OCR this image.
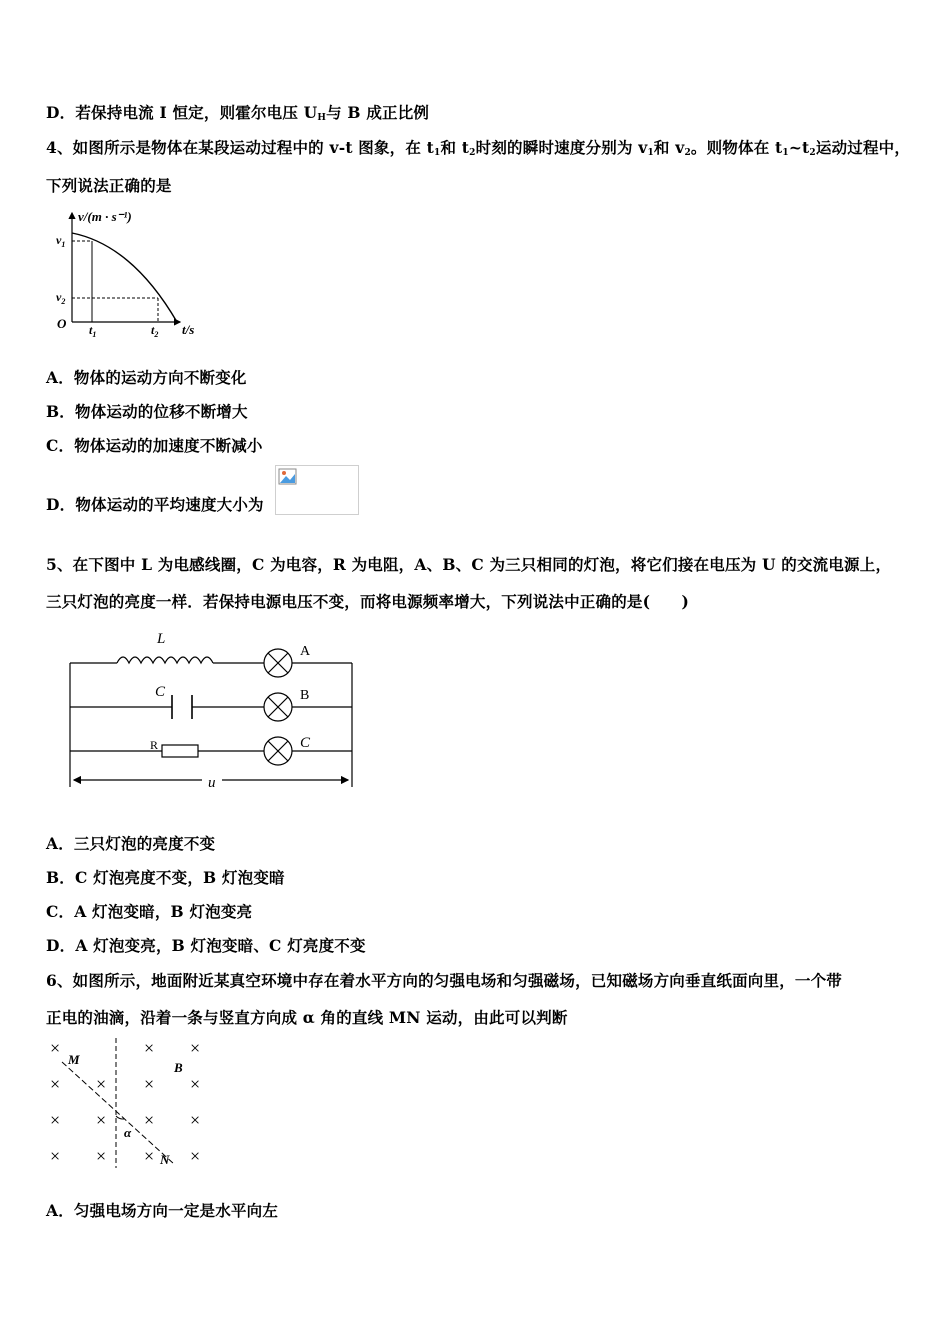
D．若保持电流 I 恒定，则霍尔电压 $U_H$与 B 成正比例
4、如图所示是物体在某段运动过程中的 v-t 图象，在 $t_1$和 $t_2$时刻的瞬时速度分别为 $v_1$和 $v_2$。则物体在 $t_1\sim t_2$运动过程中，
下列说法正确的是
v/(m · s⁻¹)
$v_1$
$v_2$
O $t_1$	$t_2$ t/s
A．物体的运动方向不断变化
B．物体运动的位移不断增大
C．物体运动的加速度不断减小
D．物体运动的平均速度大小为
5、在下图中 L 为电感线圈，C 为电容，R 为电阻，A、B、C 为三只相同的灯泡，将它们接在电压为 U 的交流电源上，
三只灯泡的亮度一样．若保持电源电压不变，而将电源频率增大，下列说法中正确的是(　　)
L
A
C	B
R	C
u
A．三只灯泡的亮度不变
B．C 灯泡亮度不变，B 灯泡变暗
C．A 灯泡变暗，B 灯泡变亮
D．A 灯泡变亮，B 灯泡变暗、C 灯亮度不变
6、如图所示，地面附近某真空环境中存在着水平方向的匀强电场和匀强磁场，已知磁场方向垂直纸面向里，一个带
正电的油滴，沿着一条与竖直方向成 α 角的直线 MN 运动，由此可以判断
×	× ×
× × × ×
× × × ×
× × × ×
M
N
B
α
A．匀强电场方向一定是水平向左
